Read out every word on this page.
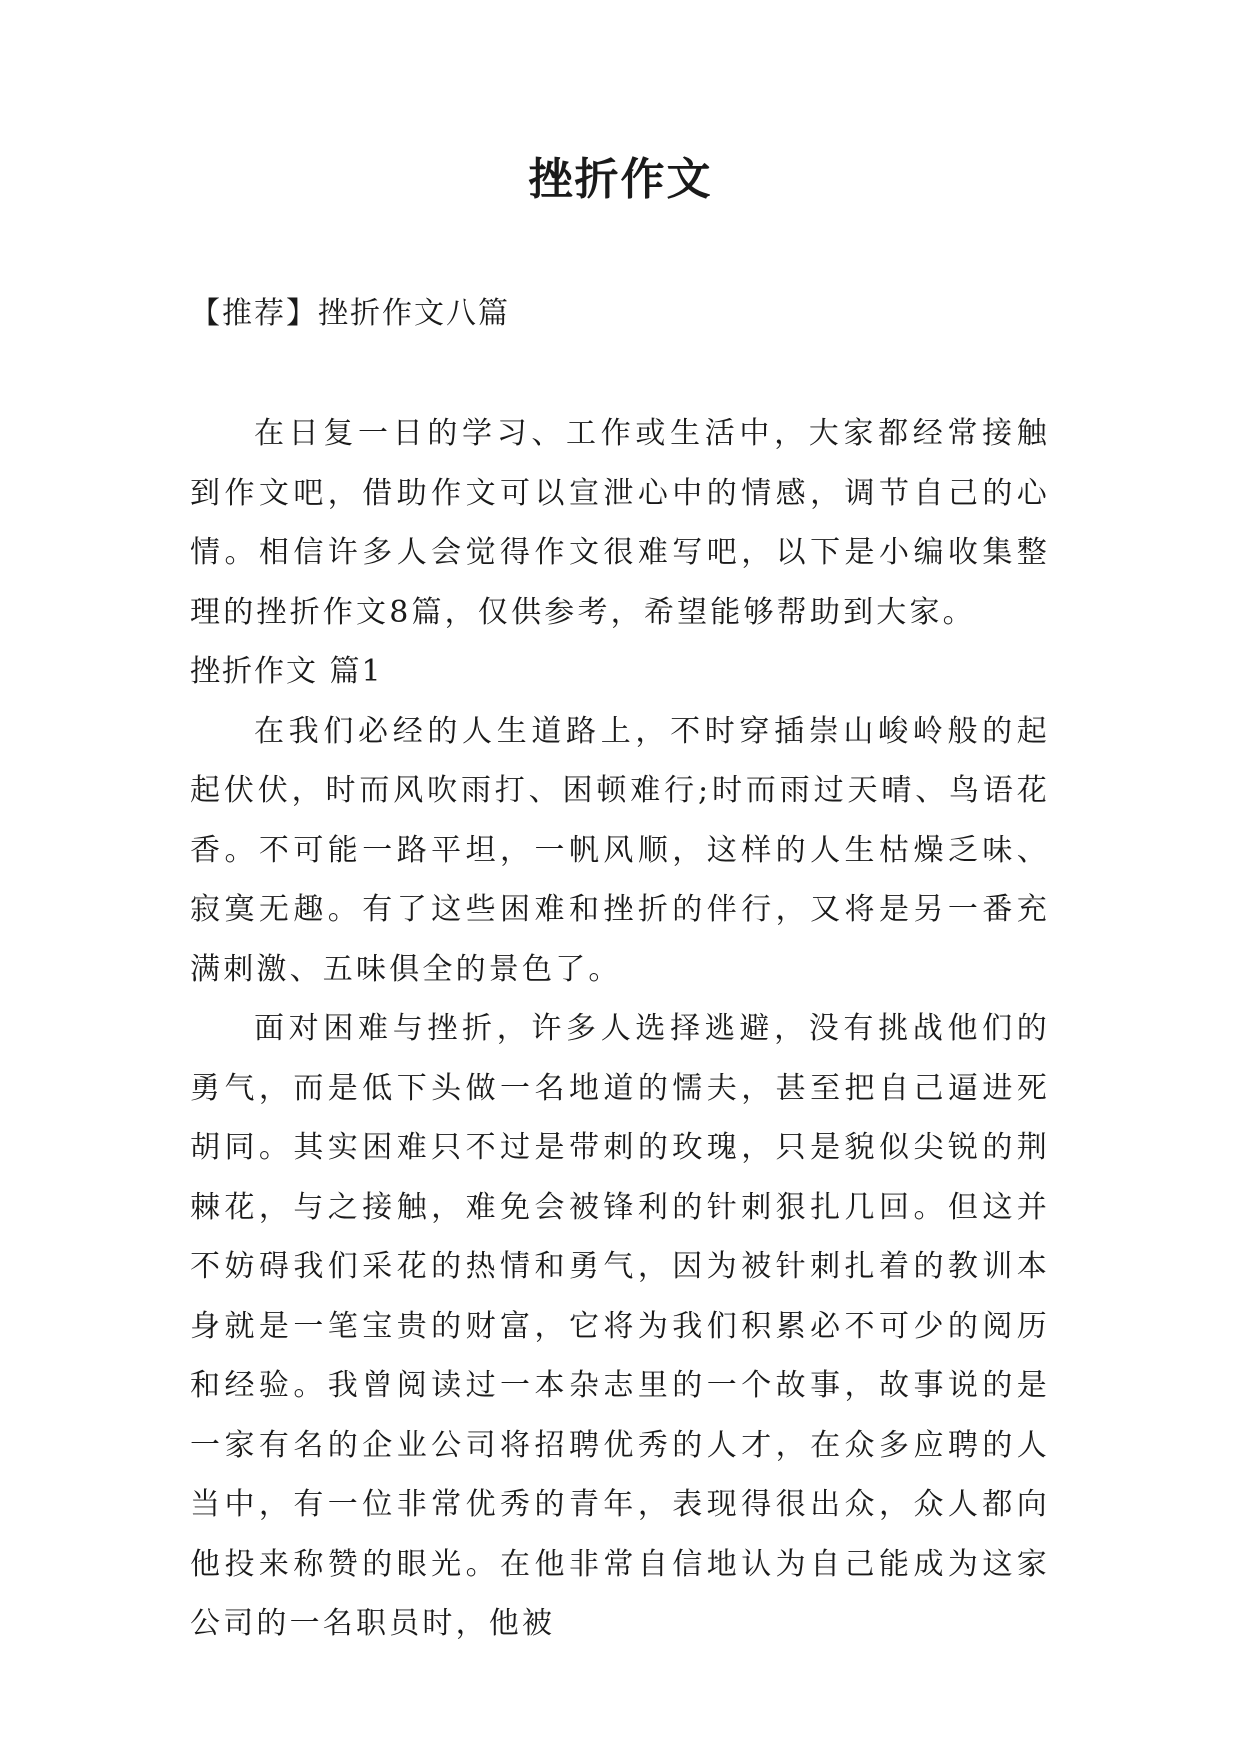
挫折作文

【推荐】挫折作文八篇

在日复一日的学习、工作或生活中，大家都经常接触到作文吧，借助作文可以宣泄心中的情感，调节自己的心情。相信许多人会觉得作文很难写吧，以下是小编收集整理的挫折作文8篇，仅供参考，希望能够帮助到大家。

挫折作文 篇1

在我们必经的人生道路上，不时穿插崇山峻岭般的起起伏伏，时而风吹雨打、困顿难行;时而雨过天晴、鸟语花香。不可能一路平坦，一帆风顺，这样的人生枯燥乏味、寂寞无趣。有了这些困难和挫折的伴行，又将是另一番充满刺激、五味俱全的景色了。

面对困难与挫折，许多人选择逃避，没有挑战他们的勇气，而是低下头做一名地道的懦夫，甚至把自己逼进死胡同。其实困难只不过是带刺的玫瑰，只是貌似尖锐的荆棘花，与之接触，难免会被锋利的针刺狠扎几回。但这并不妨碍我们采花的热情和勇气，因为被针刺扎着的教训本身就是一笔宝贵的财富，它将为我们积累必不可少的阅历和经验。我曾阅读过一本杂志里的一个故事，故事说的是一家有名的企业公司将招聘优秀的人才，在众多应聘的人当中，有一位非常优秀的青年，表现得很出众，众人都向他投来称赞的眼光。在他非常自信地认为自己能成为这家公司的一名职员时，他被
